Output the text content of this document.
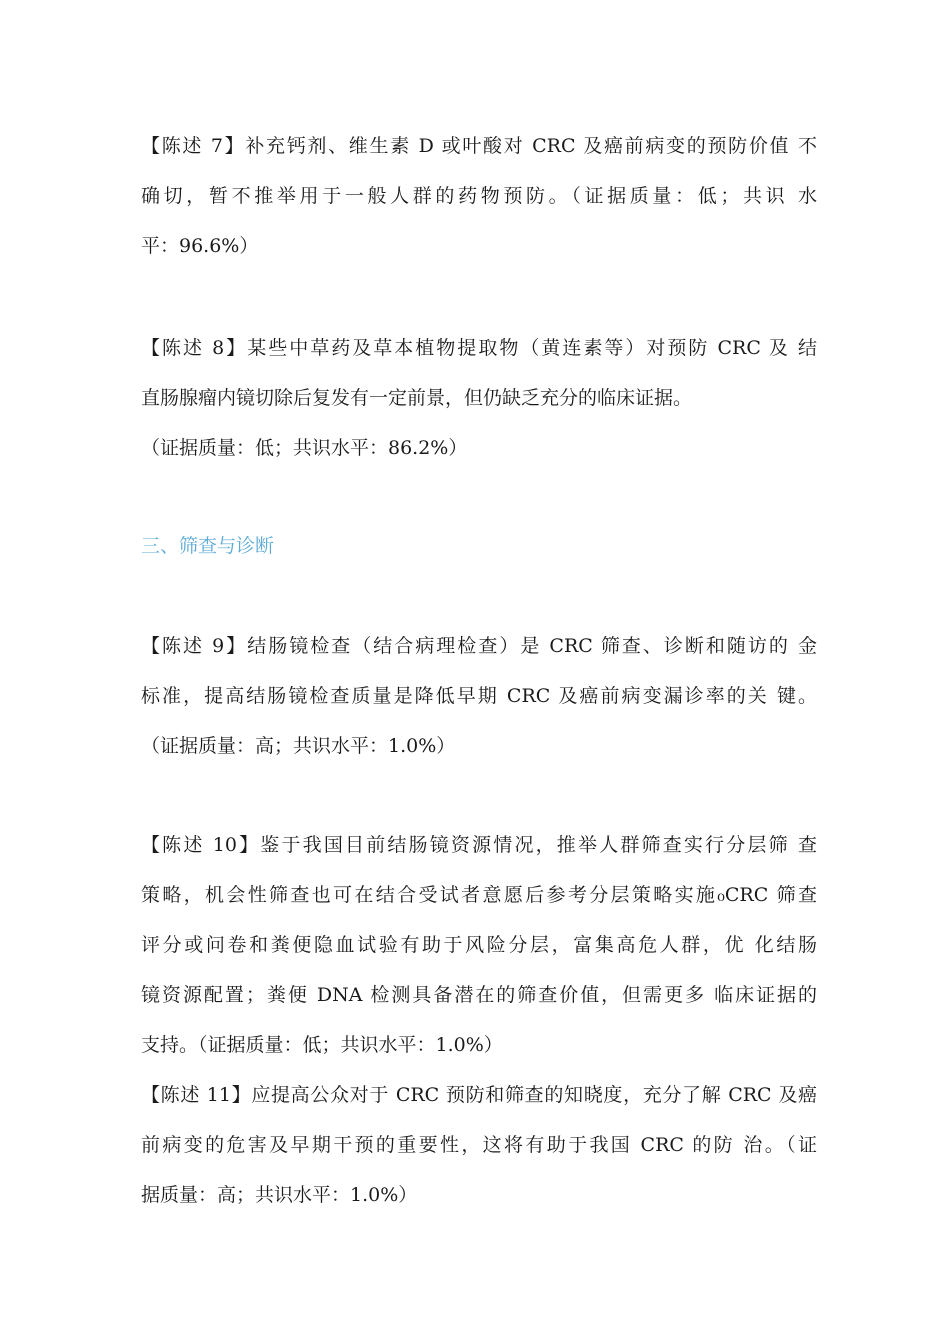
【陈述 7】补充钙剂、维生素 D 或叶酸对 CRC 及癌前病变的预防价值 不
确切，暂不推举用于一般人群的药物预防。（证据质量：低；共识 水
平：96.6%）
【陈述 8】某些中草药及草本植物提取物（黄连素等）对预防 CRC 及 结
直肠腺瘤内镜切除后复发有一定前景，但仍缺乏充分的临床证据。
（证据质量：低；共识水平：86.2%）
三、筛查与诊断
【陈述 9】结肠镜检查（结合病理检查）是 CRC 筛查、诊断和随访的 金
标准，提高结肠镜检查质量是降低早期 CRC 及癌前病变漏诊率的关 键。
（证据质量：高；共识水平：1.0%）
【陈述 10】鉴于我国目前结肠镜资源情况，推举人群筛查实行分层筛 查
策略，机会性筛查也可在结合受试者意愿后参考分层策略实施₀CRC 筛查
评分或问卷和粪便隐血试验有助于风险分层，富集高危人群，优 化结肠
镜资源配置；粪便 DNA 检测具备潜在的筛查价值，但需更多 临床证据的
支持。（证据质量：低；共识水平：1.0%）
【陈述 11】应提高公众对于 CRC 预防和筛查的知晓度，充分了解 CRC 及癌
前病变的危害及早期干预的重要性，这将有助于我国 CRC 的防 治。（证
据质量：高；共识水平：1.0%）
